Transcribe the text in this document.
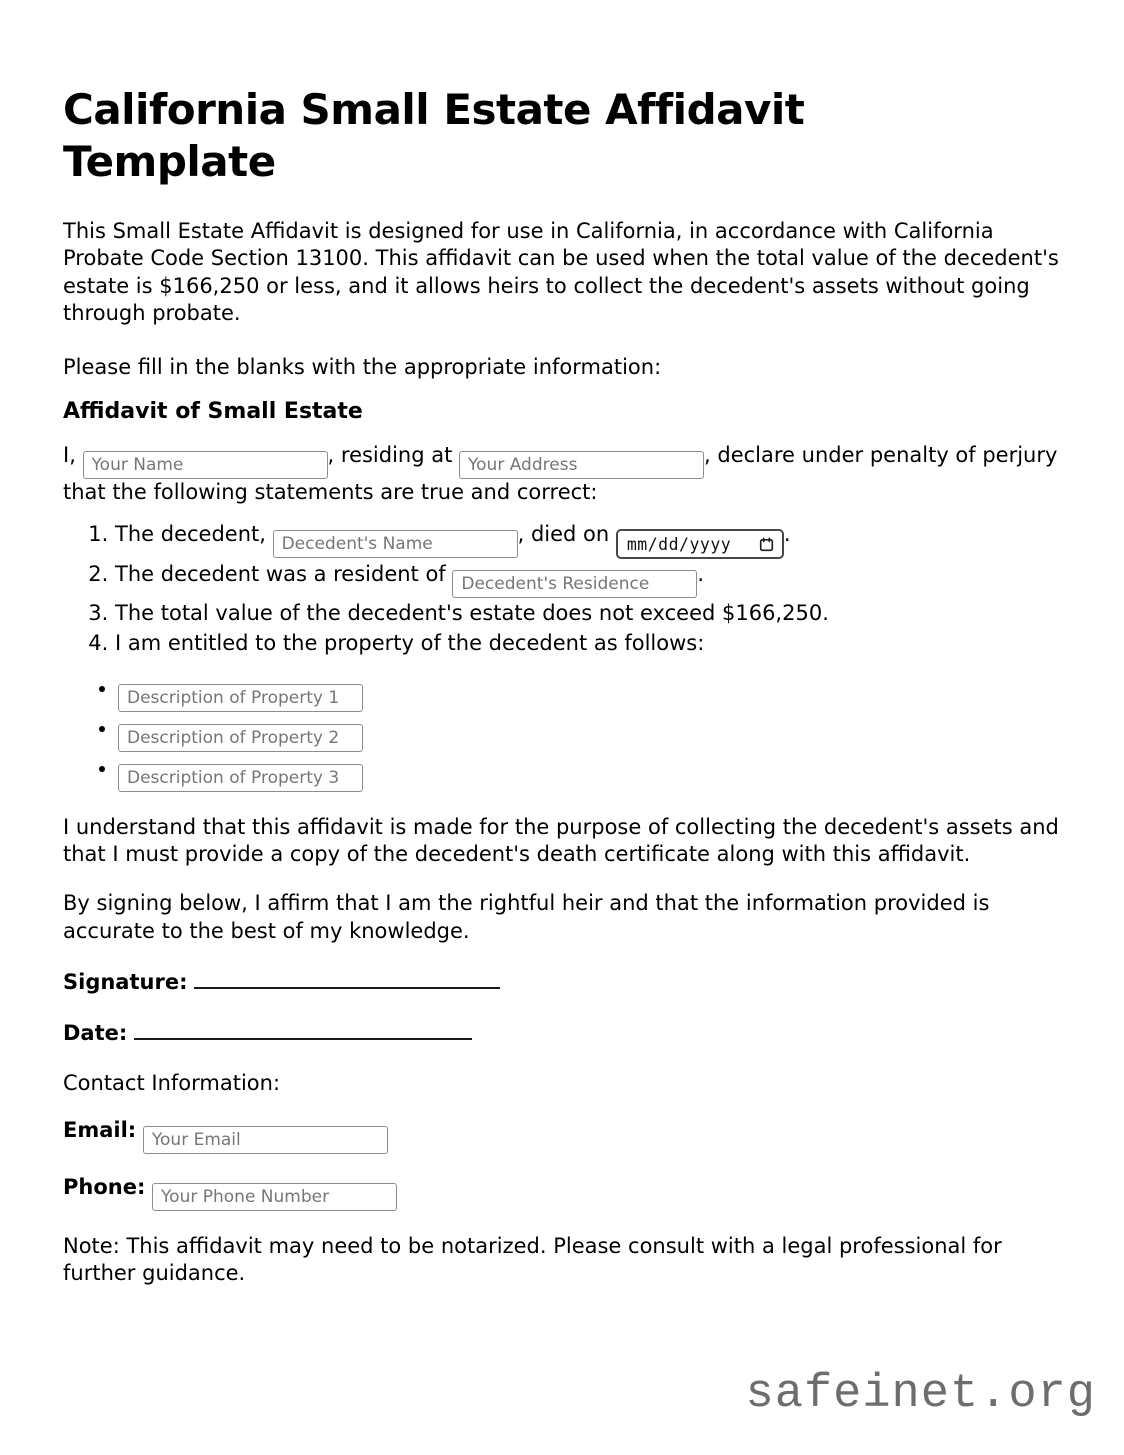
California Small Estate Affidavit Template

This Small Estate Affidavit is designed for use in California, in accordance with California Probate Code Section 13100. This affidavit can be used when the total value of the decedent's estate is $166,250 or less, and it allows heirs to collect the decedent's assets without going through probate.

Please fill in the blanks with the appropriate information:

Affidavit of Small Estate

I, Your Name	, residing at Your Address	, declare under penalty of perjury that the following statements are true and correct:

1. The decedent, Decedent's Name	, died on mm/dd/yyyy	.
2. The decedent was a resident of Decedent's Residence	.
3. The total value of the decedent's estate does not exceed $166,250.
4. I am entitled to the property of the decedent as follows:
• Description of Property 1
• Description of Property 2
• Description of Property 3

I understand that this affidavit is made for the purpose of collecting the decedent's assets and that I must provide a copy of the decedent's death certificate along with this affidavit.

By signing below, I affirm that I am the rightful heir and that the information provided is accurate to the best of my knowledge.

Signature:

Date:

Contact Information:

Email: Your Email

Phone: Your Phone Number

Note: This affidavit may need to be notarized. Please consult with a legal professional for further guidance.

safeinet.org
